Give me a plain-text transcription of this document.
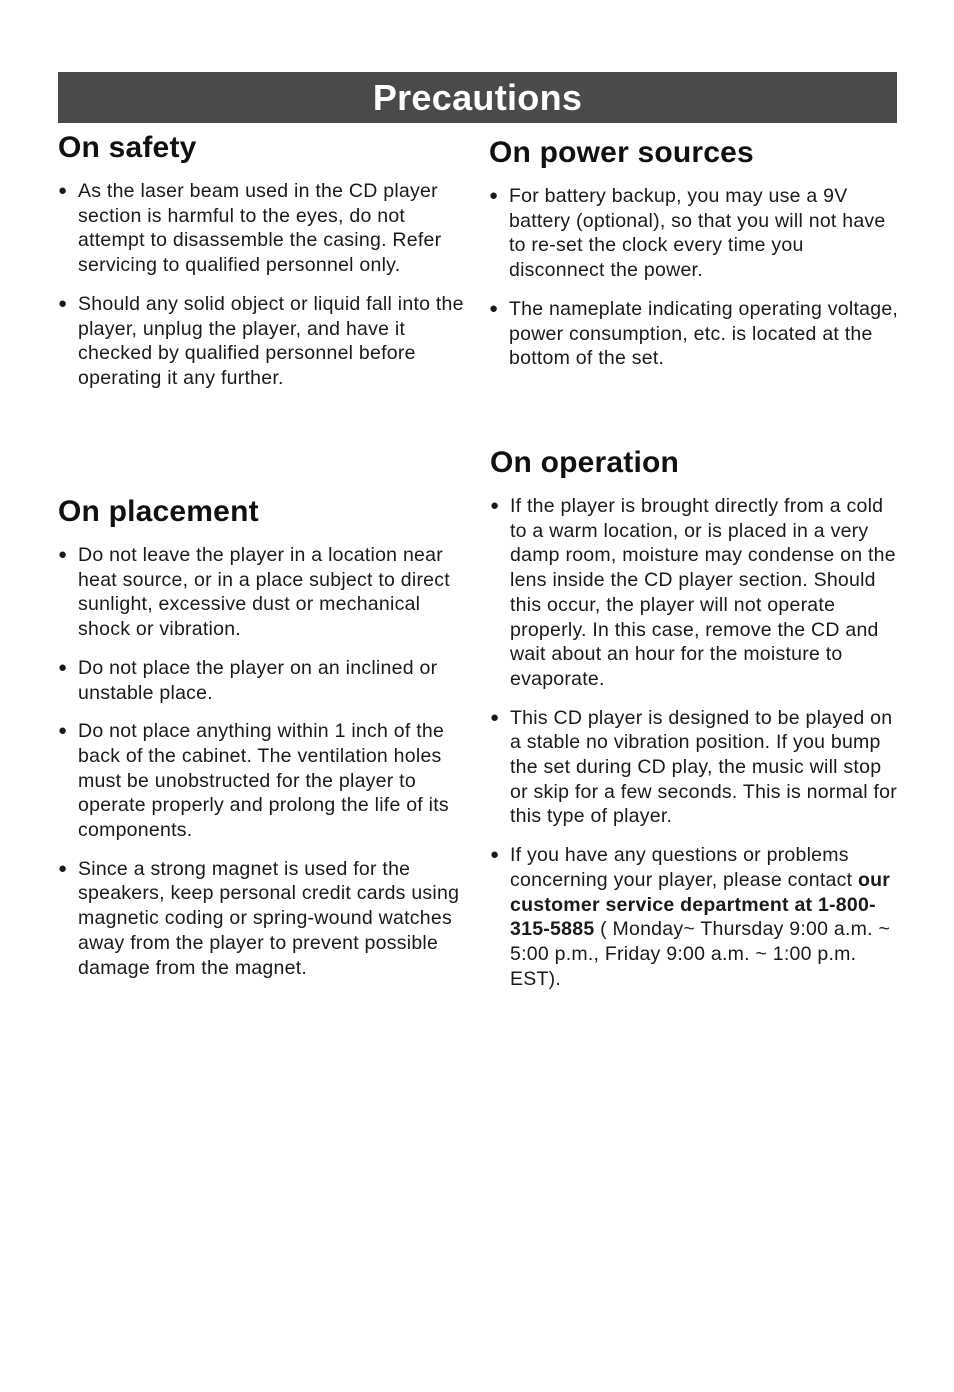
Precautions
On safety
● As the laser beam used in the CD player section is harmful to the eyes, do not attempt to disassemble the casing. Refer servicing to qualified personnel only.
● Should any solid object or liquid fall into the player, unplug the player, and have it checked by qualified personnel before operating it any further.
On placement
● Do not leave the player in a location near heat source, or in a place subject to direct sunlight, excessive dust or mechanical shock or vibration.
● Do not place the player on an inclined or unstable place.
● Do not place anything within 1 inch of the back of the cabinet. The ventilation holes must be unobstructed for the player to operate properly and prolong the life of its components.
● Since a strong magnet is used for the speakers, keep personal credit cards using magnetic coding or spring-wound watches away from the player to prevent possible damage from the magnet.
On power sources
● For battery backup, you may use a 9V battery (optional), so that you will not have to re-set the clock every time you disconnect the power.
● The nameplate indicating operating voltage, power consumption, etc. is located at the bottom of the set.
On operation
● If the player is brought directly from a cold to a warm location, or is placed in a very damp room, moisture may condense on the lens inside the CD player section. Should this occur, the player will not operate properly. In this case, remove the CD and wait about an hour for the moisture to evaporate.
● This CD player is designed to be played on a stable no vibration position. If you bump the set during CD play, the music will stop or skip for a few seconds. This is normal for this type of player.
● If you have any questions or problems concerning your player, please contact our customer service department at 1-800-315-5885 ( Monday~ Thursday 9:00 a.m. ~ 5:00 p.m., Friday 9:00 a.m. ~ 1:00 p.m. EST).
